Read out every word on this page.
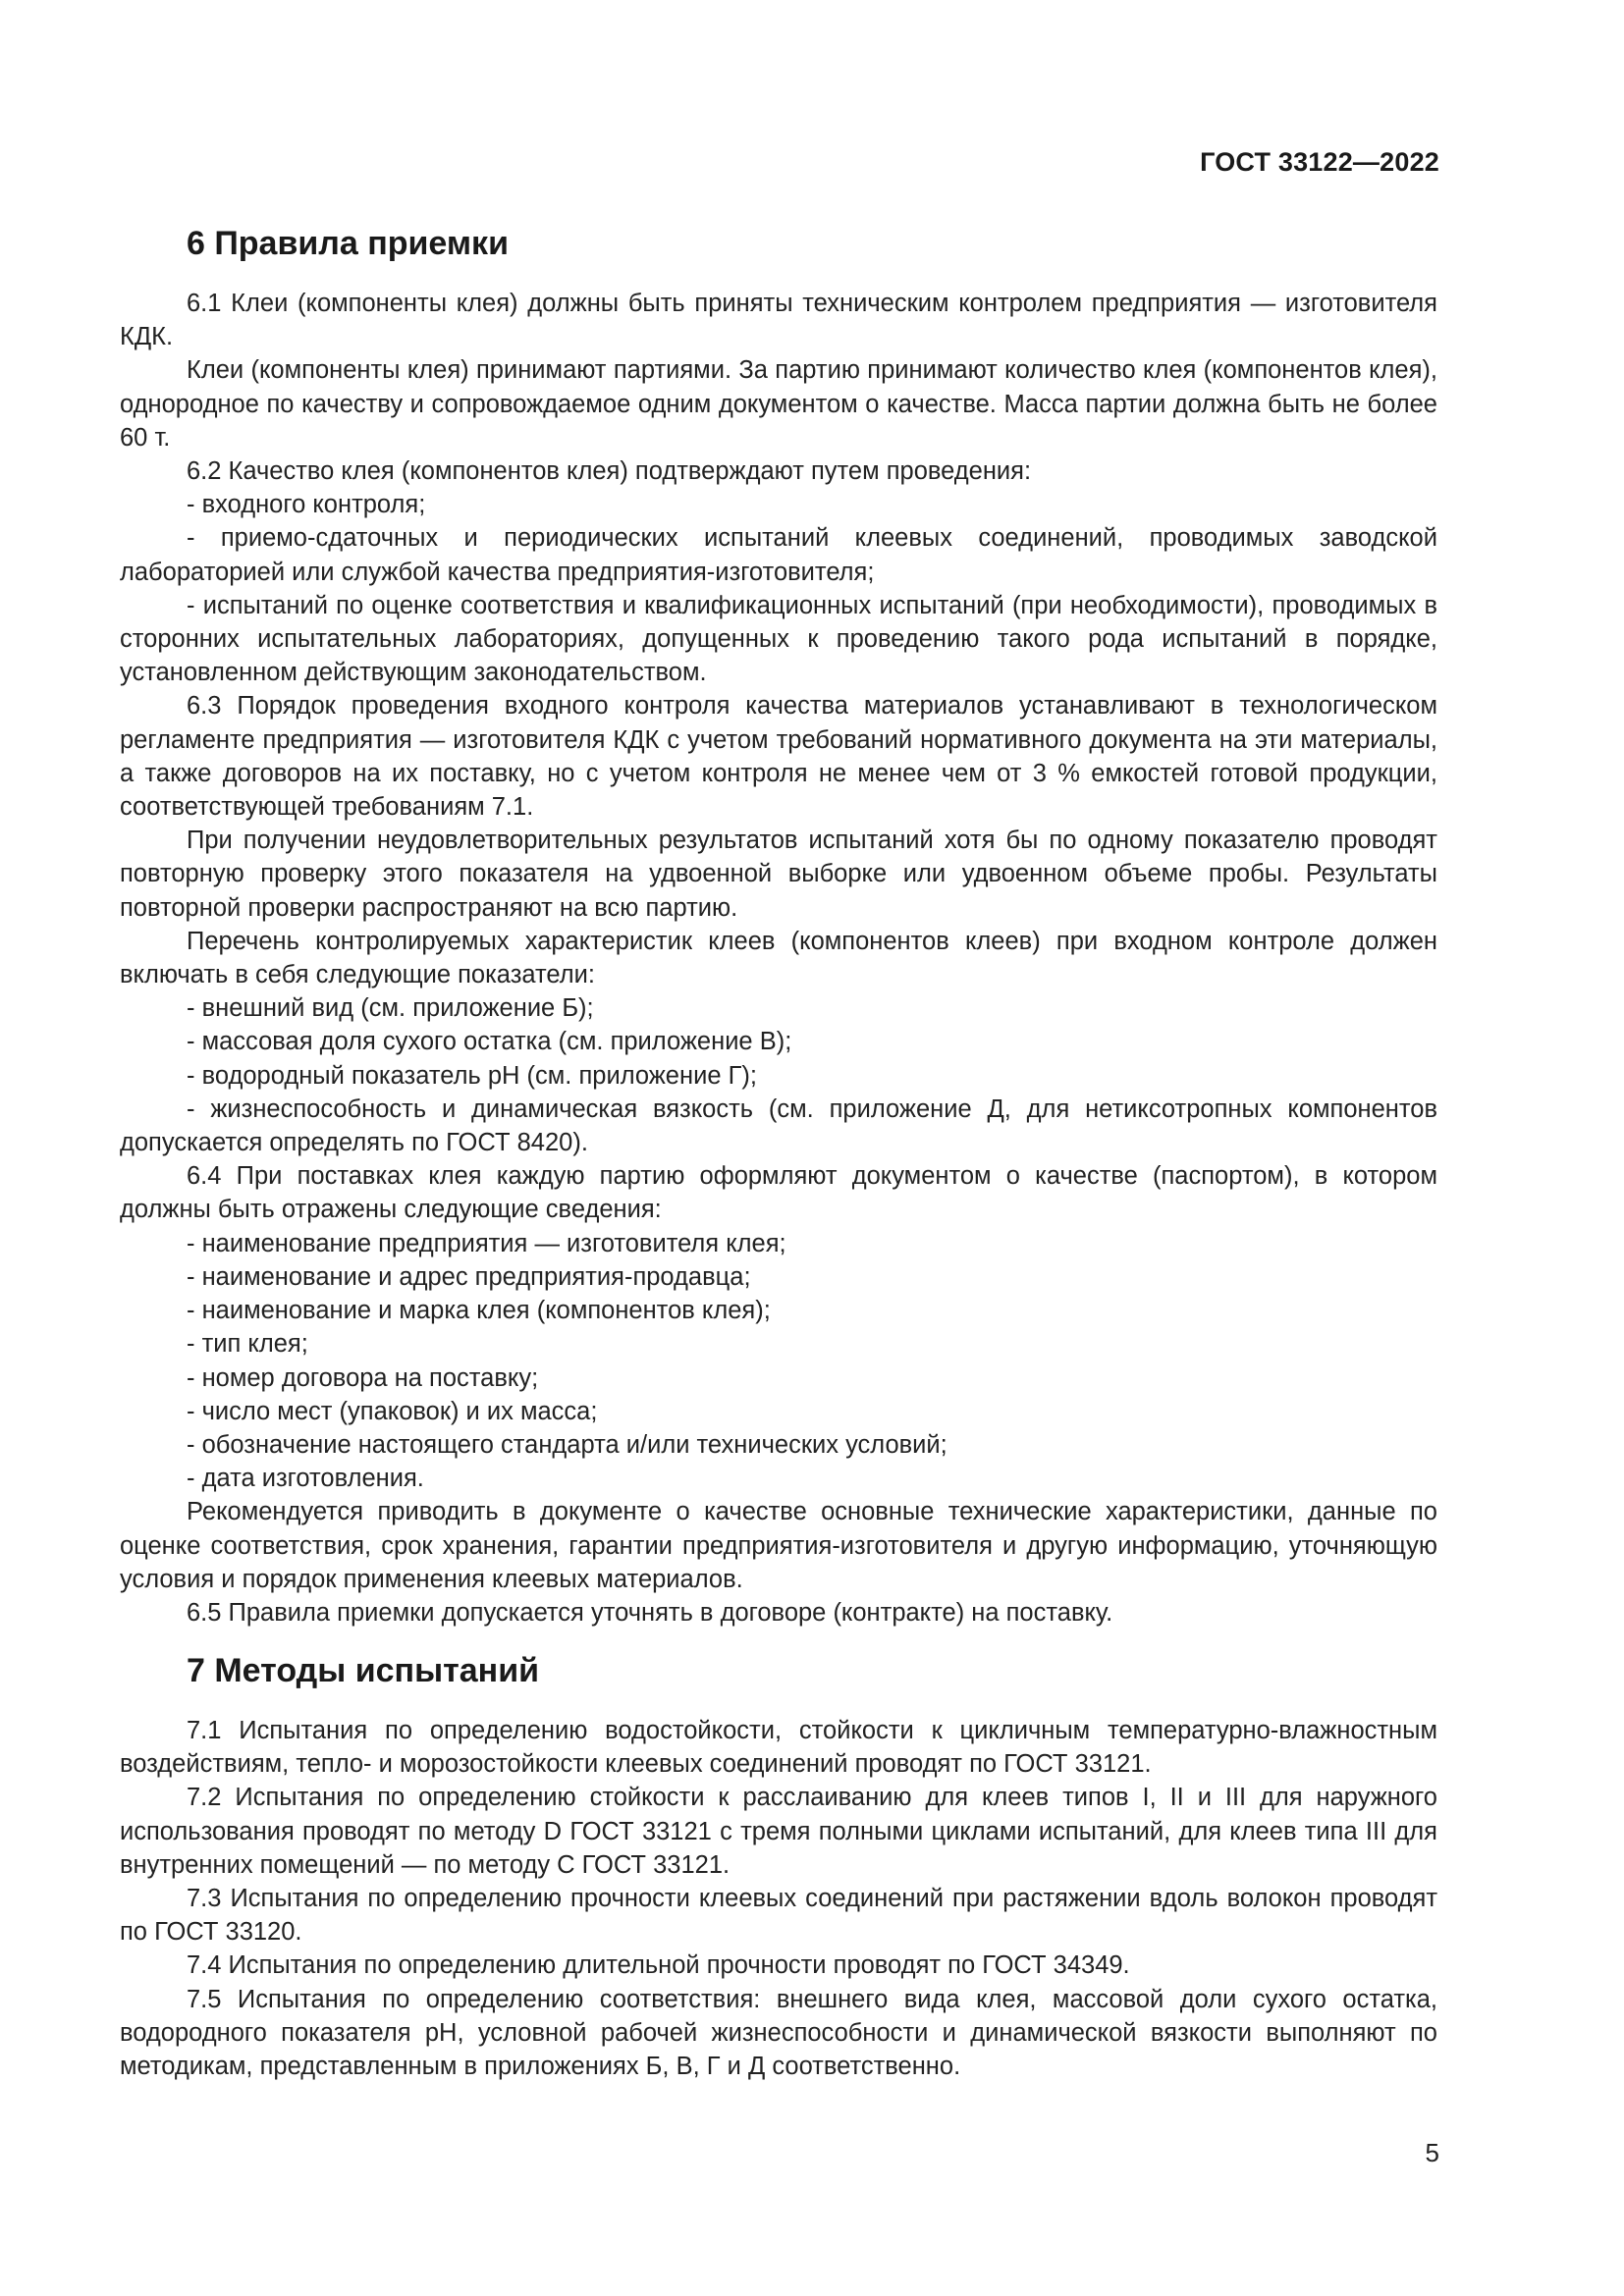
ГОСТ 33122—2022
6 Правила приемки

6.1 Клеи (компоненты клея) должны быть приняты техническим контролем предприятия — изготовителя КДК.

Клеи (компоненты клея) принимают партиями. За партию принимают количество клея (компонентов клея), однородное по качеству и сопровождаемое одним документом о качестве. Масса партии должна быть не более 60 т.

6.2 Качество клея (компонентов клея) подтверждают путем проведения:

- входного контроля;

- приемо-сдаточных и периодических испытаний клеевых соединений, проводимых заводской лабораторией или службой качества предприятия-изготовителя;

- испытаний по оценке соответствия и квалификационных испытаний (при необходимости), проводимых в сторонних испытательных лабораториях, допущенных к проведению такого рода испытаний в порядке, установленном действующим законодательством.

6.3 Порядок проведения входного контроля качества материалов устанавливают в технологическом регламенте предприятия — изготовителя КДК с учетом требований нормативного документа на эти материалы, а также договоров на их поставку, но с учетом контроля не менее чем от 3 % емкостей готовой продукции, соответствующей требованиям 7.1.

При получении неудовлетворительных результатов испытаний хотя бы по одному показателю проводят повторную проверку этого показателя на удвоенной выборке или удвоенном объеме пробы. Результаты повторной проверки распространяют на всю партию.

Перечень контролируемых характеристик клеев (компонентов клеев) при входном контроле должен включать в себя следующие показатели:

- внешний вид (см. приложение Б);

- массовая доля сухого остатка (см. приложение В);

- водородный показатель pH (см. приложение Г);

- жизнеспособность и динамическая вязкость (см. приложение Д, для нетиксотропных компонентов допускается определять по ГОСТ 8420).

6.4 При поставках клея каждую партию оформляют документом о качестве (паспортом), в котором должны быть отражены следующие сведения:

- наименование предприятия — изготовителя клея;

- наименование и адрес предприятия-продавца;

- наименование и марка клея (компонентов клея);

- тип клея;

- номер договора на поставку;

- число мест (упаковок) и их масса;

- обозначение настоящего стандарта и/или технических условий;

- дата изготовления.

Рекомендуется приводить в документе о качестве основные технические характеристики, данные по оценке соответствия, срок хранения, гарантии предприятия-изготовителя и другую информацию, уточняющую условия и порядок применения клеевых материалов.

6.5 Правила приемки допускается уточнять в договоре (контракте) на поставку.

7 Методы испытаний

7.1 Испытания по определению водостойкости, стойкости к цикличным температурно-влажностным воздействиям, тепло- и морозостойкости клеевых соединений проводят по ГОСТ 33121.

7.2 Испытания по определению стойкости к расслаиванию для клеев типов I, II и III для наружного использования проводят по методу D ГОСТ 33121 с тремя полными циклами испытаний, для клеев типа III для внутренних помещений — по методу C ГОСТ 33121.

7.3 Испытания по определению прочности клеевых соединений при растяжении вдоль волокон проводят по ГОСТ 33120.

7.4 Испытания по определению длительной прочности проводят по ГОСТ 34349.

7.5 Испытания по определению соответствия: внешнего вида клея, массовой доли сухого остатка, водородного показателя pH, условной рабочей жизнеспособности и динамической вязкости выполняют по методикам, представленным в приложениях Б, В, Г и Д соответственно.

5
